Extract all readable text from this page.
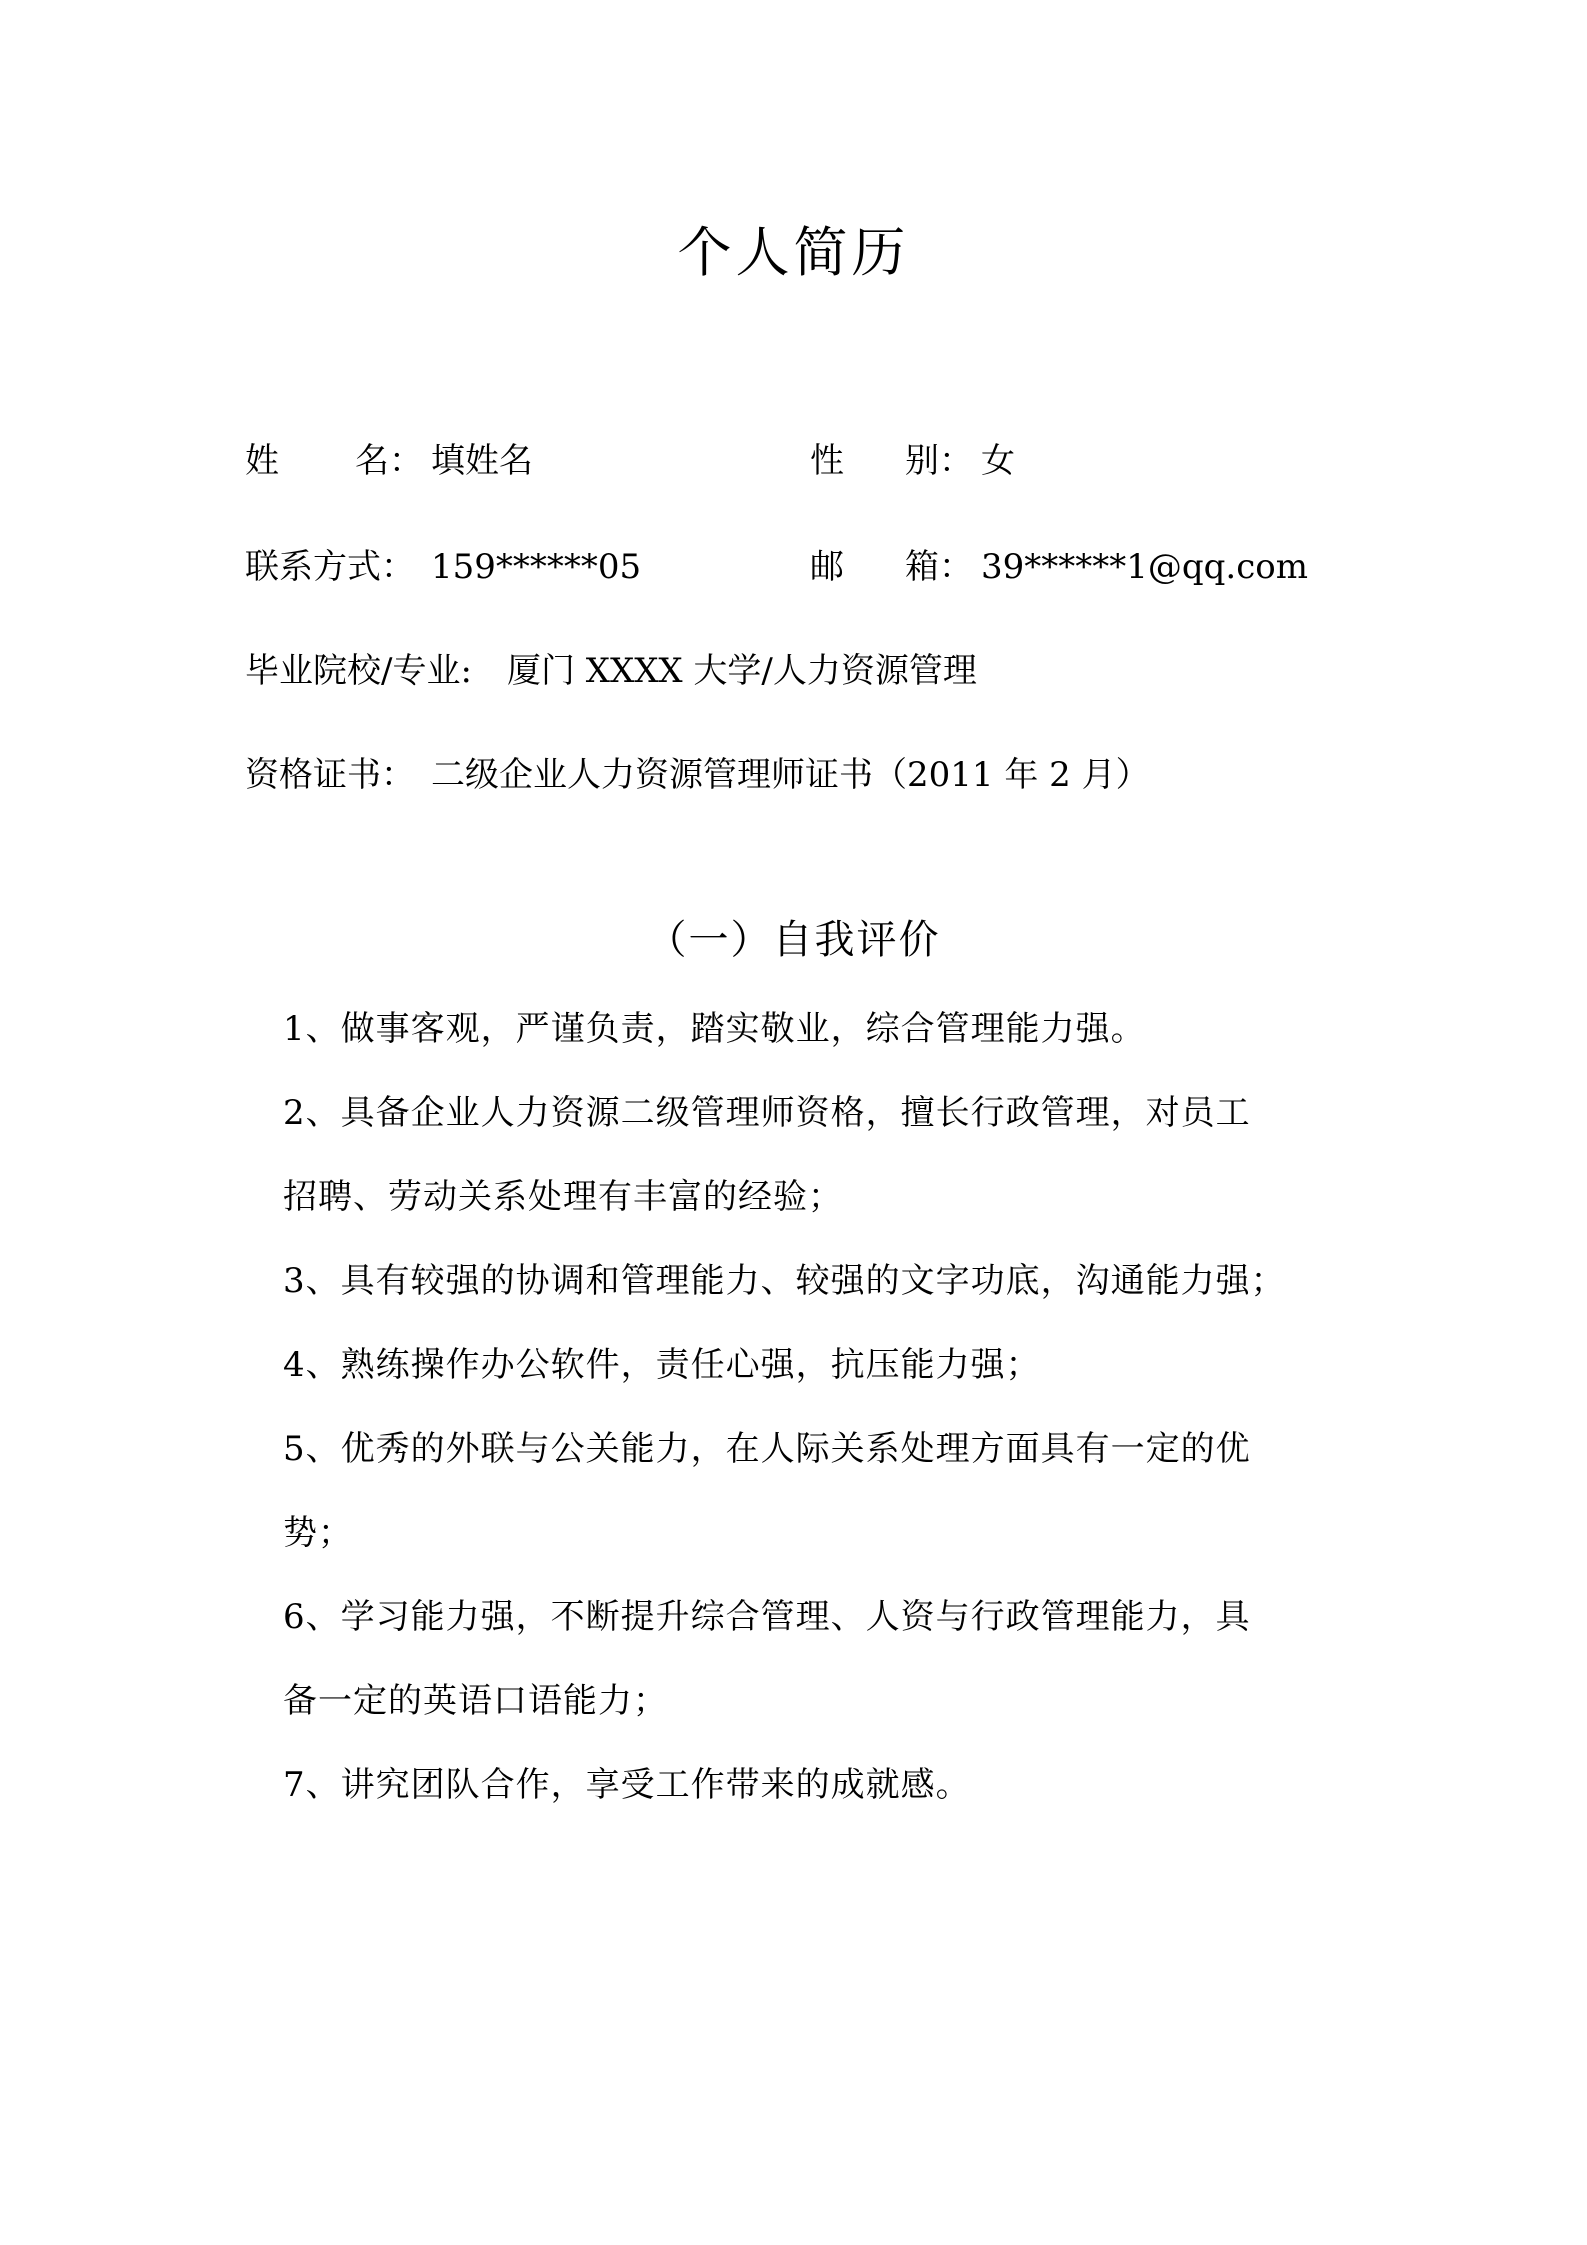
个人简历
姓 名： 填姓名	性 别： 女
联系方式： 159******05	邮 箱： 39******1@qq.com
毕业院校/专业: 厦门 XXXX 大学/人力资源管理
资格证书： 二级企业人力资源管理师证书（2011 年 2 月）
（一）自我评价
1、做事客观，严谨负责，踏实敬业，综合管理能力强。
2、具备企业人力资源二级管理师资格，擅长行政管理，对员工
招聘、劳动关系处理有丰富的经验；
3、具有较强的协调和管理能力、较强的文字功底，沟通能力强；
4、熟练操作办公软件，责任心强，抗压能力强；
5、优秀的外联与公关能力，在人际关系处理方面具有一定的优
势；
6、学习能力强，不断提升综合管理、人资与行政管理能力，具
备一定的英语口语能力；
7、讲究团队合作，享受工作带来的成就感。
